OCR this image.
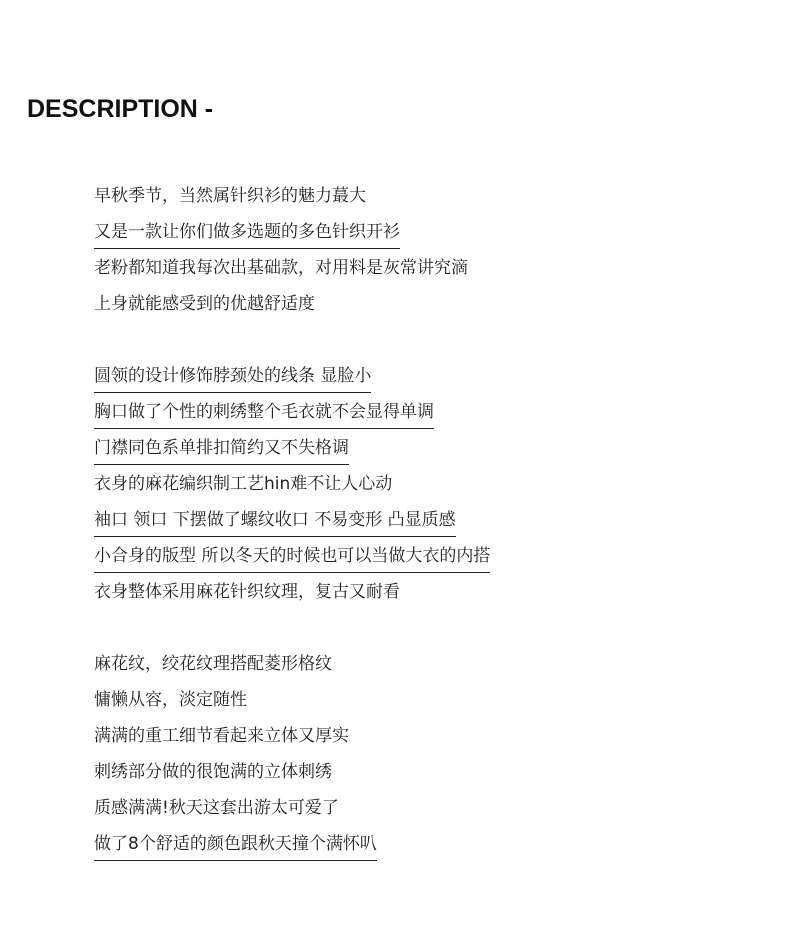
DESCRIPTION -
早秋季节，当然属针织衫的魅力蕞大
又是一款让你们做多选题的多色针织开衫
老粉都知道我每次出基础款，对用料是灰常讲究滴
上身就能感受到的优越舒适度
圆领的设计修饰脖颈处的线条 显脸小
胸口做了个性的刺绣整个毛衣就不会显得单调
门襟同色系单排扣简约又不失格调
衣身的麻花编织制工艺hin难不让人心动
袖口 领口 下摆做了螺纹收口 不易变形 凸显质感
小合身的版型 所以冬天的时候也可以当做大衣的内搭
衣身整体采用麻花针织纹理，复古又耐看
麻花纹，绞花纹理搭配菱形格纹
慵懒从容，淡定随性
满满的重工细节看起来立体又厚实
刺绣部分做的很饱满的立体刺绣
质感满满!秋天这套出游太可爱了
做了8个舒适的颜色跟秋天撞个满怀叭
